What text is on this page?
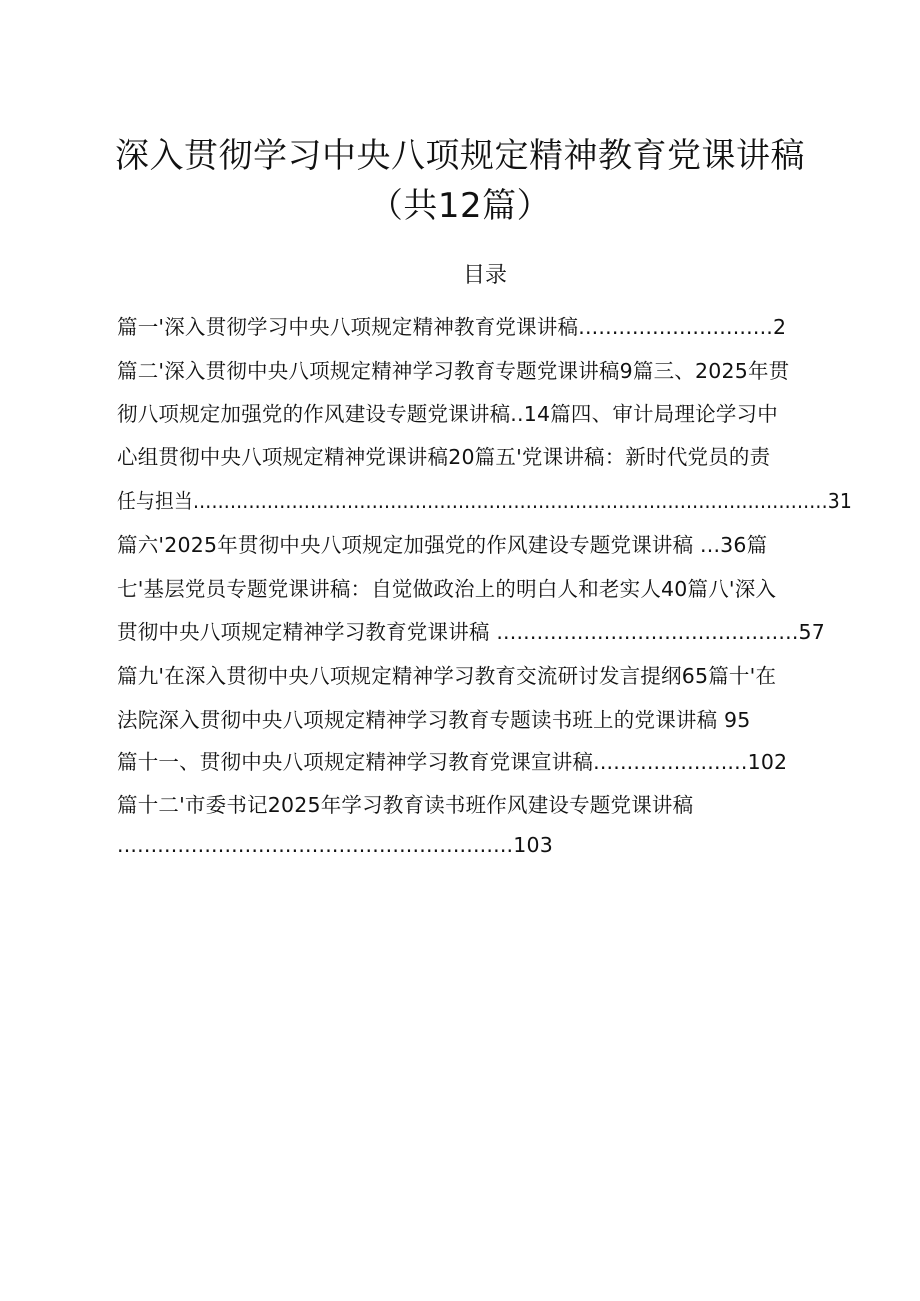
深入贯彻学习中央八项规定精神教育党课讲稿
（共12篇）
目录
篇一'深入贯彻学习中央八项规定精神教育党课讲稿.............................2
篇二'深入贯彻中央八项规定精神学习教育专题党课讲稿9篇三、2025年贯
彻八项规定加强党的作风建设专题党课讲稿..14篇四、审计局理论学习中
心组贯彻中央八项规定精神党课讲稿20篇五'党课讲稿：新时代党员的责
任与担当.......................................................................................................31
篇六'2025年贯彻中央八项规定加强党的作风建设专题党课讲稿 ...36篇
七'基层党员专题党课讲稿：自觉做政治上的明白人和老实人40篇八'深入
贯彻中央八项规定精神学习教育党课讲稿 .............................................57
篇九'在深入贯彻中央八项规定精神学习教育交流研讨发言提纲65篇十'在
法院深入贯彻中央八项规定精神学习教育专题读书班上的党课讲稿 95
篇十一、贯彻中央八项规定精神学习教育党课宣讲稿.......................102
篇十二'市委书记2025年学习教育读书班作风建设专题党课讲稿
...........................................................103
